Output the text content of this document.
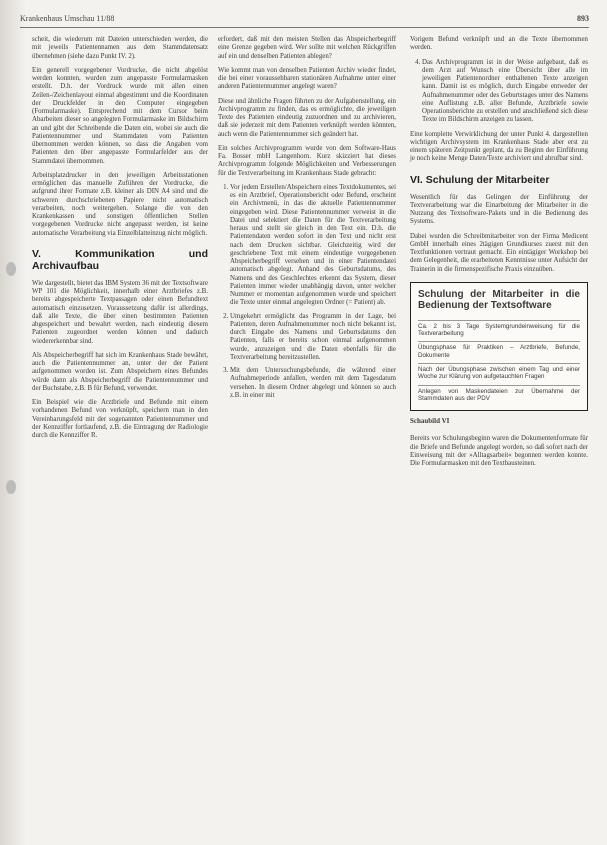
Krankenhaus Umschau 11/88	893

scheit, die wiederum mit Dateien unterschieden werden, die mit jeweils Patientennamen aus dem Stammdatensatz übernehmen (siehe dazu Punkt IV. 2).

Ein generell vorgegebener Vordrucke, die nicht abgelöst werden konnten, wurden zum angepasste Formularmasken erstellt. D.h. der Vordruck wurde mit allen einen Zeilen-/Zeichenlayout einmal abgestimmt und die Koordinaten der Druckfelder in den Computer eingegeben (Formularmaske). Entsprechend mit dem Cursor beim Abarbeiten dieser so angelegten Formularmaske im Bildschirm an und gibt der Schreibende die Daten ein, wobei sie auch die Patientennummer und Stammdaten vom Patienten übernommen werden können, so dass die Angaben vom Patienten den über angepasste Formularfelder aus der Stammdatei übernommen.

Arbeitsplatzdrucker in den jeweiligen Arbeitsstationen ermöglichen das manuelle Zuführen der Vordrucke, die aufgrund ihrer Formate z.B. kleiner als DIN A4 sind und die schweren durchschriebenen Papiere nicht automatisch verarbeiten, noch weitergehen. Solange die von den Krankenkassen und sonstigen öffentlichen Stellen vorgegebenen Vordrucke nicht angepasst werden, ist keine automatische Verarbeitung via Einzelblatteinzug nicht möglich.

V. Kommunikation und Archivaufbau

Wie dargestellt, bietet das IBM System 36 mit der Textsoftware WP 101 die Möglichkeit, innerhalb einer Arztbriefes z.B. bereits abgespeicherte Textpassagen oder einen Befundtext automatisch einzusetzen. Voraussetzung dafür ist allerdings, daß alle Texte, die über einen bestimmten Patienten abgespeichert und bewahrt werden, nach eindeutig diesem Patienten zugeordnet werden können und dadurch wiedererkennbar sind.

Als Abspeicherbegriff hat sich im Krankenhaus Stade bewährt, auch die Patientennummer an, unter der der Patient aufgenommen worden ist. Zum Abspeichern eines Befundes würde dann als Abspeicherbegriff die Patientennummer und der Buchstabe, z.B. B für Befund, verwendet.

Ein Beispiel wie die Arztbriefe und Befunde mit einem vorhandenen Befund von verknüpft, speichern man in den Vereinbarungsfeld mit der sogenannten Patientennummer und der Kennziffer fortlaufend, z.B. die Eintragung der Radiologie durch die Kennziffer R.

erfordert, daß mit den meisten Stellen das Abspeicherbegriff eine Grenze gegeben wird. Wer sollte mit welchen Rückgriffen auf ein und denselben Patienten ablegen?

Wie kommt man von denselben Patienten Archiv wieder findet, die bei einer voraussehbaren stationären Aufnahme unter einer anderen Patientennummer angelegt waren?

Diese und ähnliche Fragen führten zu der Aufgabenstellung, ein Archivprogramm zu finden, das es ermöglichte, die jeweiligen Texte des Patienten eindeutig zuzuordnen und zu archivieren, daß sie jederzeit mit dem Patienten verknüpft werden könnten, auch wenn die Patientennummer sich geändert hat.

Ein solches Archivprogramm wurde von dem Software-Haus Fa. Bosser mbH Langenhorn. Kurz skizziert hat dieses Archivprogramm folgende Möglichkeiten und Verbesserungen für die Textverarbeitung im Krankenhaus Stade gebracht:

1. Vor jedem Erstellen/Abspeichern eines Textdokumentes, sei es ein Arztbrief, Operationsbericht oder Befund, erscheint ein Archivmenü, in das die aktuelle Patientennummer eingegeben wird. Diese Patientennummer verweist in die Datei und selektiert die Daten für die Textverarbeitung heraus und stellt sie gleich in den Text ein. D.h. die Patientendaten werden sofort in den Text und nicht erst nach dem Drucken sichtbar. Gleichzeitig wird der geschriebene Text mit einem eindeutige vorgegebenen Abspeicherbegriff versehen und in einer Patientendatei automatisch abgelegt. Anhand des Geburtsdatums, des Namens und des Geschlechtes erkennt das System, dieser Patienten immer wieder unabhängig davon, unter welcher Nummer er momentan aufgenommen wurde und speichert die Texte unter einmal angelegten Ordner (= Patient) ab.
2. Umgekehrt ermöglicht das Programm in der Lage, bei Patienten, deren Aufnahmenummer noch nicht bekannt ist, durch Eingabe des Namens und Geburtsdatums den Patienten, falls er bereits schon einmal aufgenommen wurde, anzuzeigen und die Daten ebenfalls für die Textverarbeitung bereitzustellen.
3. Mit dem Untersuchungsbefunde, die während einer Aufnahmeperiode anfallen, werden mit dem Tagesdatum versehen. In diesem Ordner abgelegt und können so auch z.B. in einer mit

Vorigem Befund verknüpft und an die Texte übernommen werden.

4. Das Archivprogramm ist in der Weise aufgebaut, daß es dem Arzt auf Wunsch eine Übersicht über alle im jeweiligen Patientenordner enthaltenen Texte anzeigen kann. Damit ist es möglich, durch Eingabe entweder der Aufnahmenummer oder des Geburtstages unter des Namens eine Auflistung z.B. aller Befunde, Arztbriefe sowie Operationsberichte zu erstellen und anschließend sich diese Texte im Bildschirm anzeigen zu lassen.

Eine komplette Verwirklichung der unter Punkt 4. dargestellten wichtigen Archivsystem im Krankenhaus Stade aber erst zu einem späteren Zeitpunkt geplant, da zu Beginn der Einführung je noch keine Menge Daten/Texte archiviert und abrufbar sind.

VI. Schulung der Mitarbeiter

Wesentlich für das Gelingen der Einführung der Textverarbeitung war die Einarbeitung der Mitarbeiter in die Nutzung des Textsoftware-Pakets und in die Bedienung des Systems.

Dabei wurden die Schreibmitarbeiter von der Firma Medicent GmbH innerhalb eines 2tägigen Grundkurses zuerst mit den Textfunktionen vertraut gemacht. Ein eintägiger Workshop bei dem Gelegenheit, die erarbeiteten Kenntnisse unter Aufsicht der Trainerin in die firmenspezifische Praxis einzuüben.

Schulung der Mitarbeiter in die Bedienung der Textsoftware
Ca. 2 bis 3 Tage Systemgrundeinweisung für die Textverarbeitung
Übungsphase für Praktiken – Arztbriefe, Befunde, Dokumente
Nach der Übungsphase zwischen einem Tag und einer Woche zur Klärung von aufgetauchten Fragen
Anlegen von Maskendateien zur Übernahme der Stammdaten aus der PDV
Schaubild VI

Bereits vor Schulungsbeginn waren die Dokumentenformate für die Briefe und Befunde angelegt worden, so daß sofort nach der Einweisung mit der »Alltagsarbeit« begonnen werden konnte. Die Formularmasken mit den Textbausteinen.
